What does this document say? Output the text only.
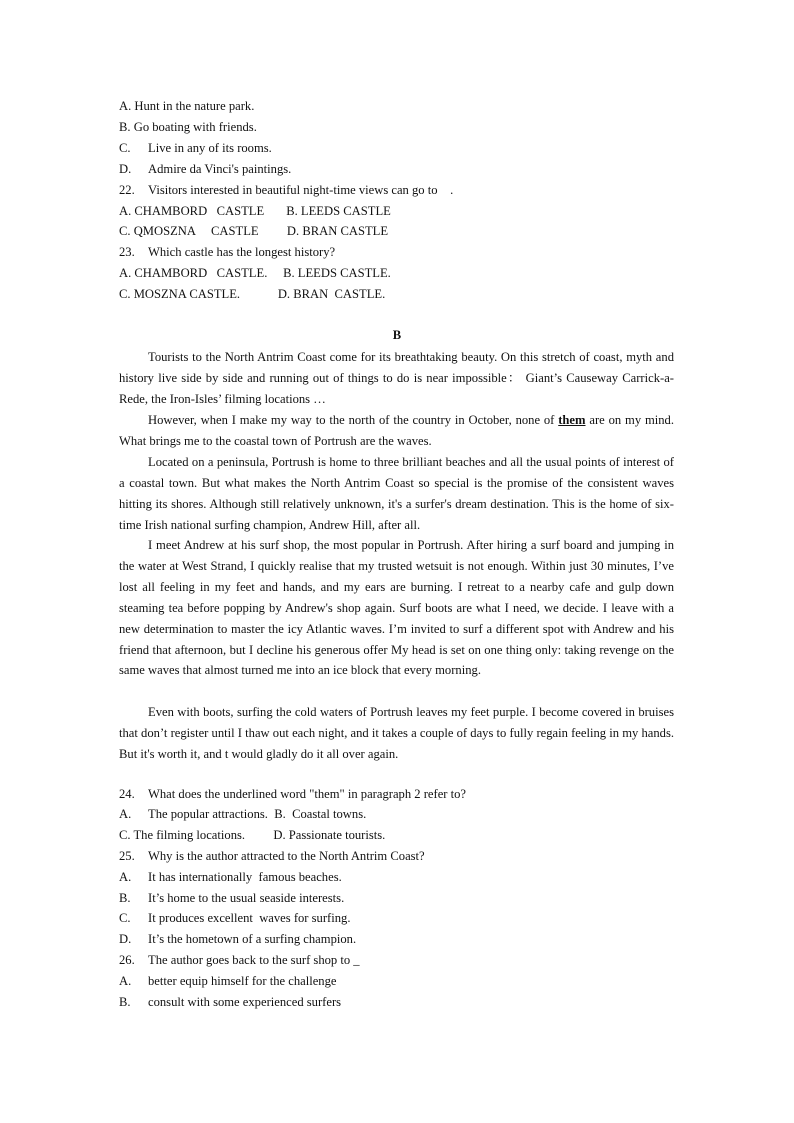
A. Hunt in the nature park.
B. Go boating with friends.
C. Live in any of its rooms.
D. Admire da Vinci's paintings.
22. Visitors interested in beautiful night-time views can go to    .
A. CHAMBORD   CASTLE       B. LEEDS CASTLE
C. QMOSZNA     CASTLE         D. BRAN CASTLE
23. Which castle has the longest history?
A. CHAMBORD   CASTLE.     B. LEEDS CASTLE.
C. MOSZNA CASTLE.            D. BRAN  CASTLE.
B

Tourists to the North Antrim Coast come for its breathtaking beauty. On this stretch of coast, myth and history live side by side and running out of things to do is near impossible： Giant’s Causeway Carrick-a-Rede, the Iron-Isles’ filming locations …

However, when I make my way to the north of the country in October, none of them are on my mind. What brings me to the coastal town of Portrush are the waves.

Located on a peninsula, Portrush is home to three brilliant beaches and all the usual points of interest of a coastal town. But what makes the North Antrim Coast so special is the promise of the consistent waves hitting its shores. Although still relatively unknown, it's a surfer's dream destination. This is the home of six-time Irish national surfing champion, Andrew Hill, after all.

I meet Andrew at his surf shop, the most popular in Portrush. After hiring a surf board and jumping in the water at West Strand, I quickly realise that my trusted wetsuit is not enough. Within just 30 minutes, I’ve lost all feeling in my feet and hands, and my ears are burning. I retreat to a nearby cafe and gulp down steaming tea before popping by Andrew's shop again. Surf boots are what I need, we decide. I leave with a new determination to master the icy Atlantic waves. I’m invited to surf a different spot with Andrew and his friend that afternoon, but I decline his generous offer My head is set on one thing only: taking revenge on the same waves that almost turned me into an ice block that every morning.

Even with boots, surfing the cold waters of Portrush leaves my feet purple. I become covered in bruises that don’t register until I thaw out each night, and it takes a couple of days to fully regain feeling in my hands. But it's worth it, and t would gladly do it all over again.

24. What does the underlined word "them" in paragraph 2 refer to?
A. The popular attractions.  B.  Coastal towns.
C. The filming locations.         D. Passionate tourists.
25. Why is the author attracted to the North Antrim Coast?
A. It has internationally  famous beaches.
B. It’s home to the usual seaside interests.
C. It produces excellent  waves for surfing.
D. It’s the hometown of a surfing champion.
26. The author goes back to the surf shop to _
A. better equip himself for the challenge
B. consult with some experienced surfers
